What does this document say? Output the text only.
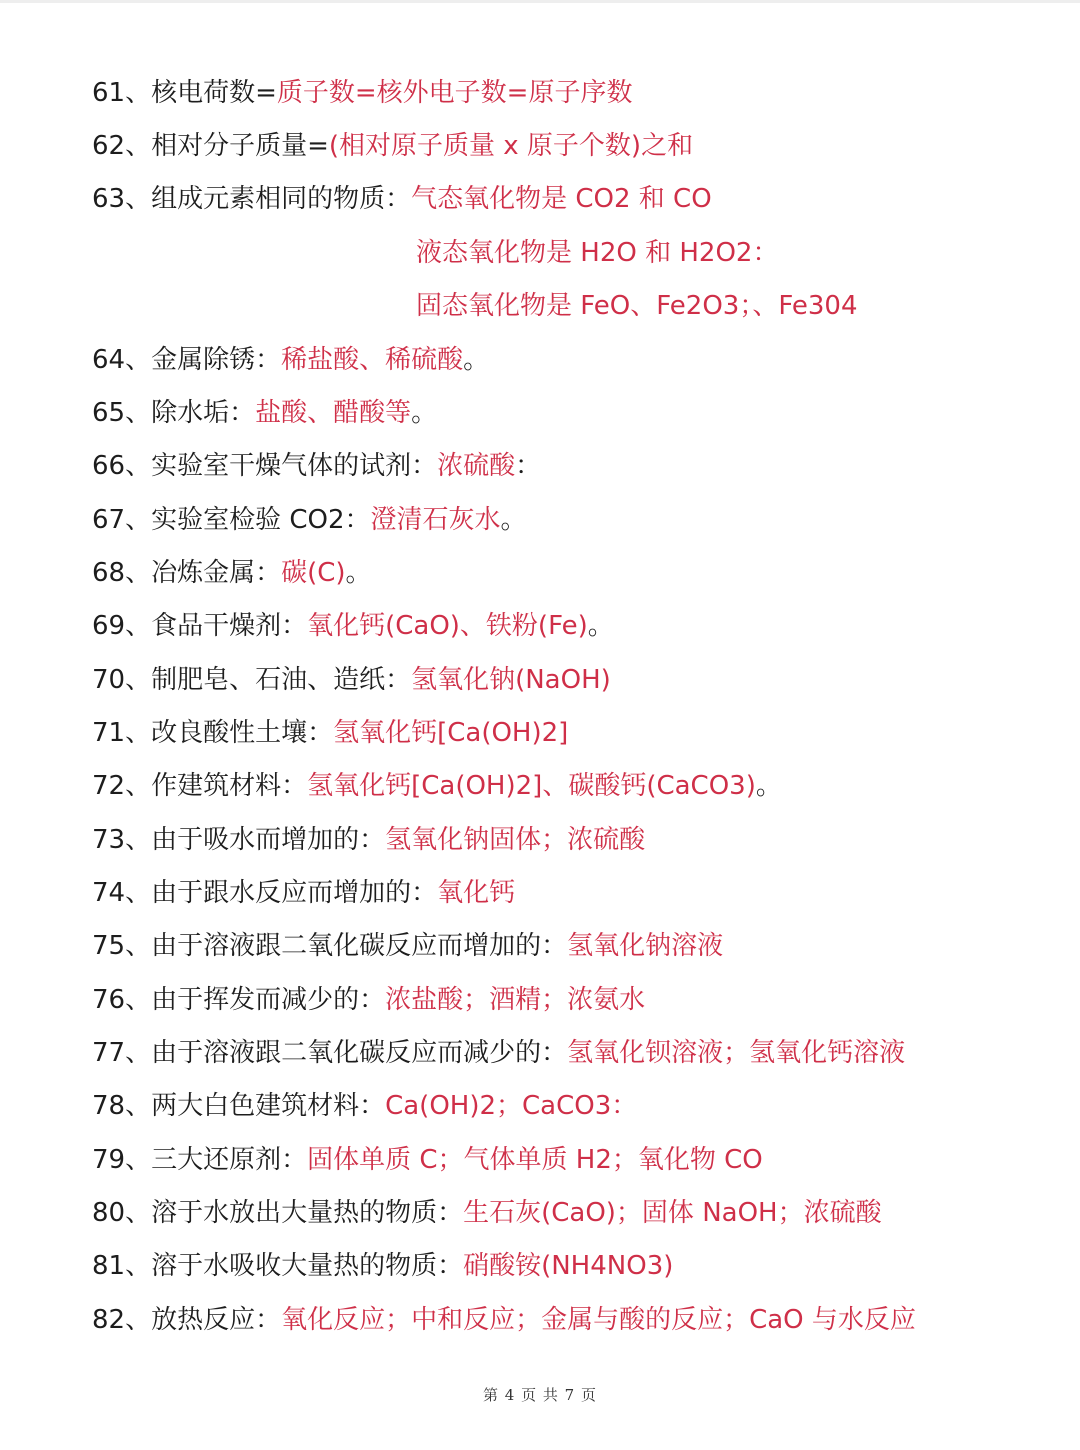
61、核电荷数=质子数=核外电子数=原子序数
62、相对分子质量=(相对原子质量 x 原子个数)之和
63、组成元素相同的物质：气态氧化物是 CO2 和 CO
液态氧化物是 H2O 和 H2O2：
固态氧化物是 FeO、Fe2O3；、Fe304
64、金属除锈：稀盐酸、稀硫酸。
65、除水垢：盐酸、醋酸等。
66、实验室干燥气体的试剂：浓硫酸：
67、实验室检验 CO2：澄清石灰水。
68、冶炼金属：碳(C)。
69、食品干燥剂：氧化钙(CaO)、铁粉(Fe)。
70、制肥皂、石油、造纸：氢氧化钠(NaOH)
71、改良酸性土壤：氢氧化钙[Ca(OH)2]
72、作建筑材料：氢氧化钙[Ca(OH)2]、碳酸钙(CaCO3)。
73、由于吸水而增加的：氢氧化钠固体；浓硫酸
74、由于跟水反应而增加的：氧化钙
75、由于溶液跟二氧化碳反应而增加的：氢氧化钠溶液
76、由于挥发而减少的：浓盐酸；酒精；浓氨水
77、由于溶液跟二氧化碳反应而减少的：氢氧化钡溶液；氢氧化钙溶液
78、两大白色建筑材料：Ca(OH)2；CaCO3：
79、三大还原剂：固体单质 C；气体单质 H2；氧化物 CO
80、溶于水放出大量热的物质：生石灰(CaO)；固体 NaOH；浓硫酸
81、溶于水吸收大量热的物质：硝酸铵(NH4NO3)
82、放热反应：氧化反应；中和反应；金属与酸的反应；CaO 与水反应
第 4 页 共 7 页
